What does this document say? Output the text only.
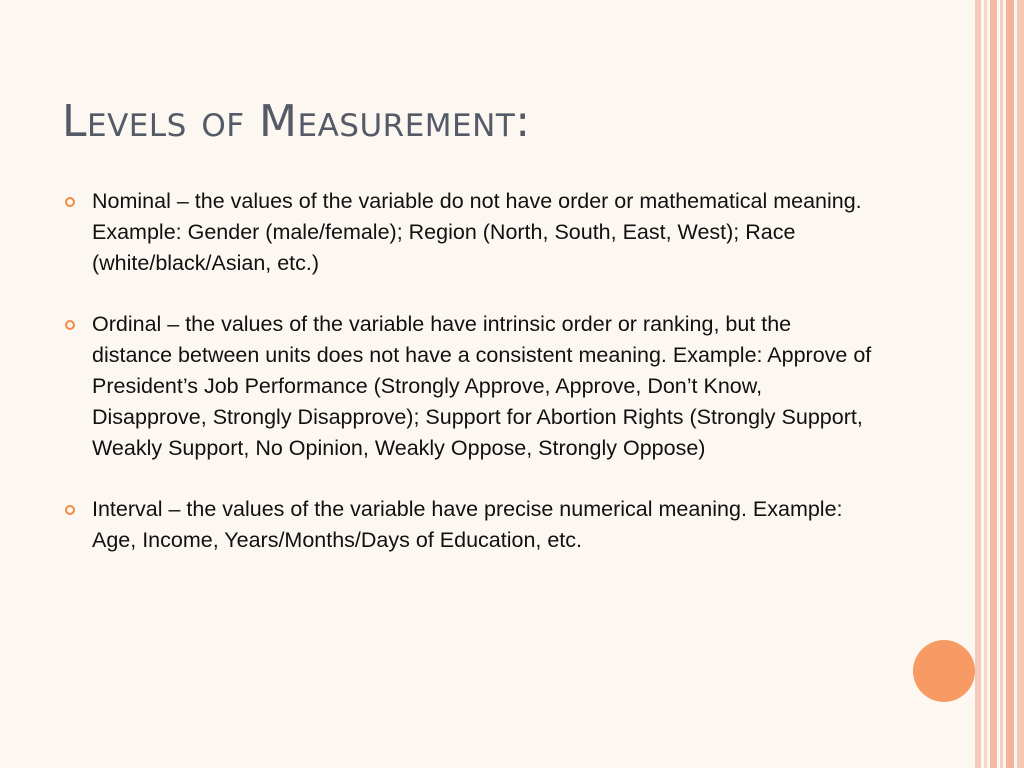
Levels of Measurement:
Nominal – the values of the variable do not have order or mathematical meaning. Example: Gender (male/female); Region (North, South, East, West); Race (white/black/Asian, etc.)
Ordinal – the values of the variable have intrinsic order or ranking, but the distance between units does not have a consistent meaning. Example: Approve of President’s Job Performance (Strongly Approve, Approve, Don’t Know, Disapprove, Strongly Disapprove); Support for Abortion Rights (Strongly Support, Weakly Support, No Opinion, Weakly Oppose, Strongly Oppose)
Interval – the values of the variable have precise numerical meaning. Example: Age, Income, Years/Months/Days of Education, etc.
